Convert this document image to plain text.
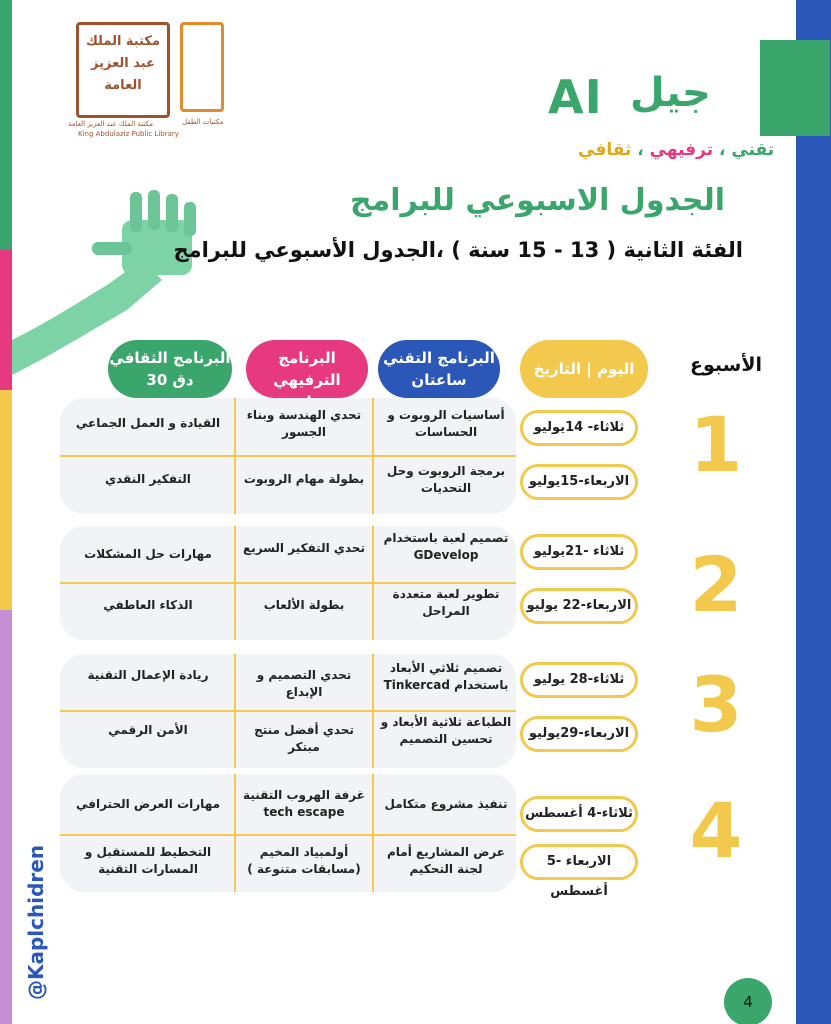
مكتبة الملك عبد العزيز العامة
مكتبة الملك عبد العزيز العامة
King Abdulaziz Public Library
مكتبات الطفل	AI جيل
تقني ، ترفيهي ، ثقافي
الجدول الاسبوعي للبرامج
الفئة الثانية ( 13 - 15 سنة ) ،الجدول الأسبوعي للبرامج
الأسبوع
اليوم | التاريخ
البرنامج التقني
ساعتان
البرنامج الترفيهي
البرنامج الثقافي
30 دق
1
ثلاثاء- 14يوليو
أساسيات الروبوت و
الحساسات
تحدي الهندسة وبناء
الجسور
القيادة و العمل الجماعي
الاربعاء-15يوليو
برمجة الروبوت وحل
التحديات
بطولة مهام الروبوت
التفكير النقدي
2
ثلاثاء -21يوليو
تصميم لعبة باستخدام
GDevelop
تحدي التفكير السريع
مهارات حل المشكلات
الاربعاء-22 يوليو
تطوير لعبة متعددة
المراحل
بطولة الألعاب
الذكاء العاطفي
3
ثلاثاء-28 يوليو
تصميم ثلاثي الأبعاد
باستخدام Tinkercad
تحدي التصميم و الإبداع
ريادة الإعمال التقنية
الاربعاء-29يوليو
الطباعة ثلاثية الأبعاد و
تحسين التصميم
تحدي أفضل منتج مبتكر
الأمن الرقمي
4
ثلاثاء-4 أغسطس
تنفيذ مشروع متكامل
غرفة الهروب التقنية
tech escape
مهارات العرض الحترافي
الاربعاء -5 أغسطس
عرض المشاريع أمام
لجنة التحكيم
أولمبياد المخيم
(مسابقات متنوعة )
التخطيط للمستقبل و
المسارات التقنية
@Kaplchidren
4
